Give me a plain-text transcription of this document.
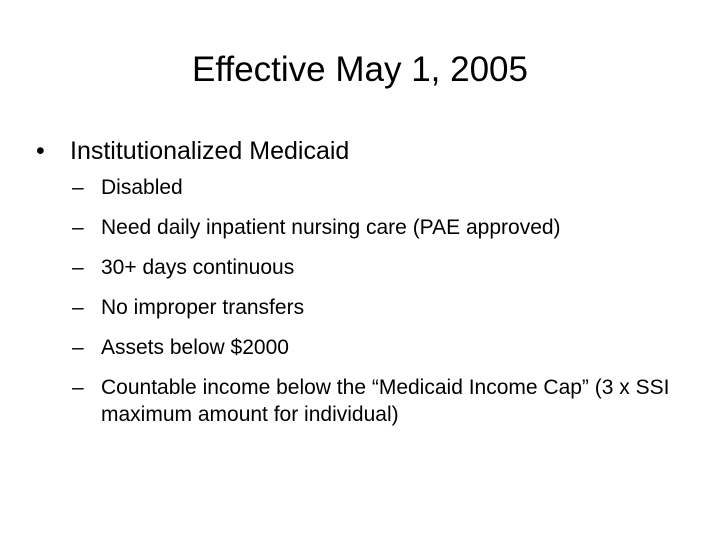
Effective May 1, 2005
• Institutionalized Medicaid
– Disabled
– Need daily inpatient nursing care (PAE approved)
– 30+ days continuous
– No improper transfers
– Assets below $2000
– Countable income below the “Medicaid Income Cap” (3 x SSI maximum amount for individual)
